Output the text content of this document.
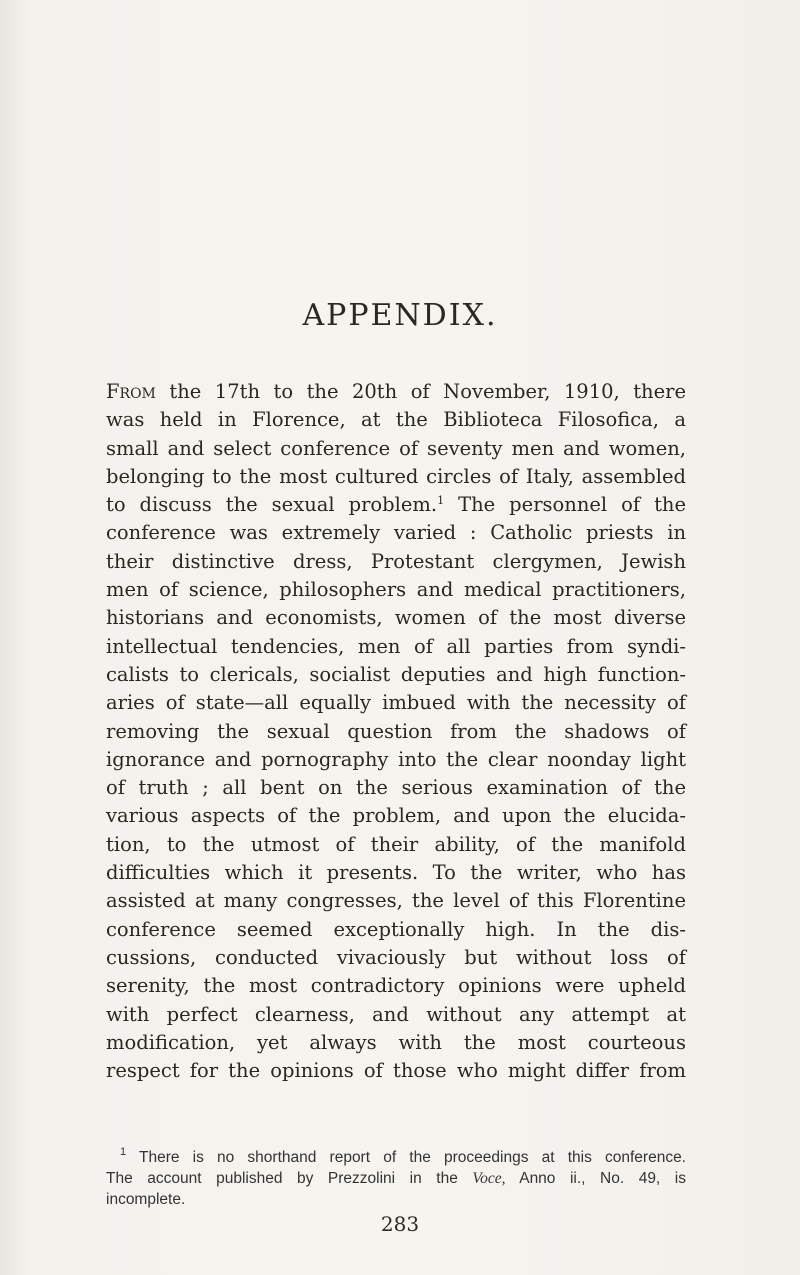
APPENDIX.
From the 17th to the 20th of November, 1910, there
was held in Florence, at the Biblioteca Filosofica, a
small and select conference of seventy men and women,
belonging to the most cultured circles of Italy, assembled
to discuss the sexual problem.$^1$ The personnel of the
conference was extremely varied : Catholic priests in
their distinctive dress, Protestant clergymen, Jewish
men of science, philosophers and medical practitioners,
historians and economists, women of the most diverse
intellectual tendencies, men of all parties from syndi-
calists to clericals, socialist deputies and high function-
aries of state—all equally imbued with the necessity of
removing the sexual question from the shadows of
ignorance and pornography into the clear noonday light
of truth ; all bent on the serious examination of the
various aspects of the problem, and upon the elucida-
tion, to the utmost of their ability, of the manifold
difficulties which it presents. To the writer, who has
assisted at many congresses, the level of this Florentine
conference seemed exceptionally high. In the dis-
cussions, conducted vivaciously but without loss of
serenity, the most contradictory opinions were upheld
with perfect clearness, and without any attempt at
modification, yet always with the most courteous
respect for the opinions of those who might differ from
$^1$ There is no shorthand report of the proceedings at this conference.
The account published by Prezzolini in the Voce, Anno ii., No. 49, is
incomplete.
283
